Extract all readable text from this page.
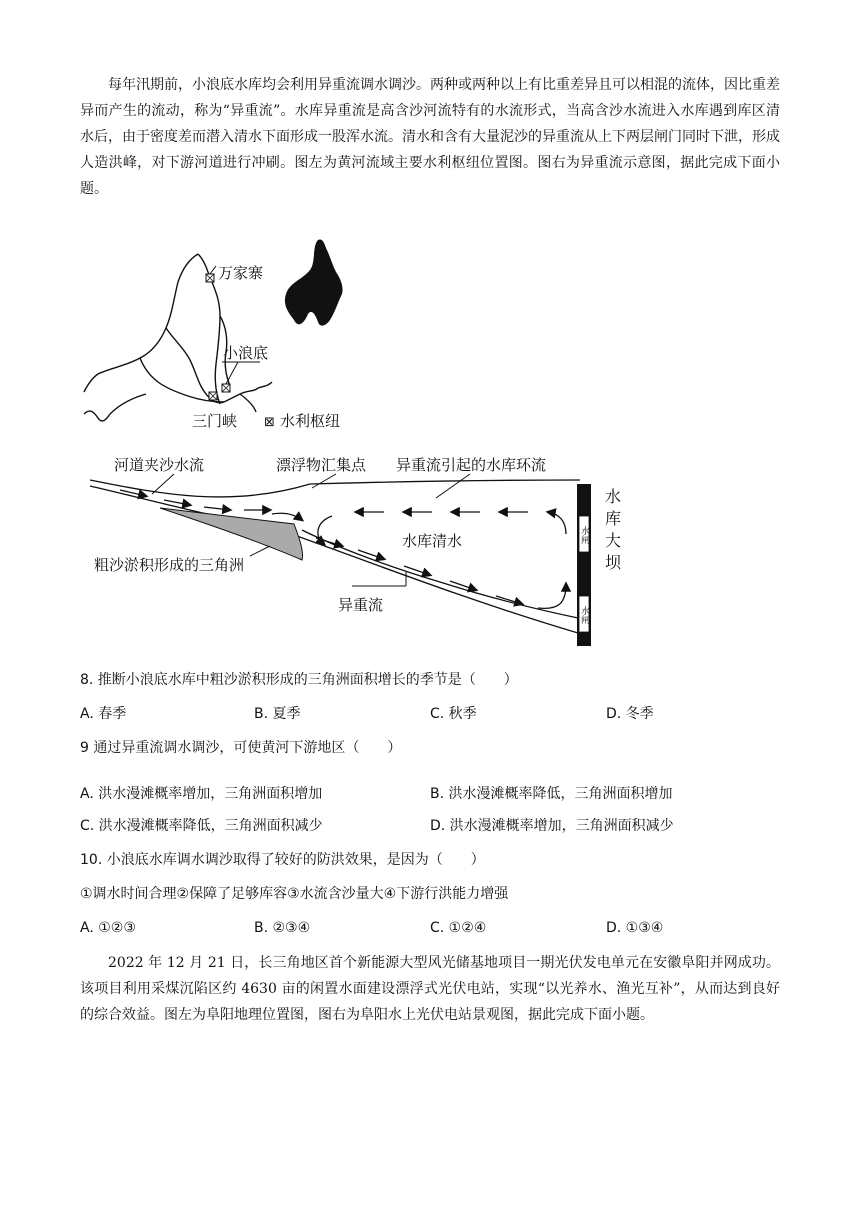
每年汛期前，小浪底水库均会利用异重流调水调沙。两种或两种以上有比重差异且可以相混的流体，因比重差异而产生的流动，称为“异重流”。水库异重流是高含沙河流特有的水流形式，当高含沙水流进入水库遇到库区清水后，由于密度差而潜入清水下面形成一股浑水流。清水和含有大量泥沙的异重流从上下两层闸门同时下泄，形成人造洪峰，对下游河道进行冲刷。图左为黄河流域主要水利枢纽位置图。图右为异重流示意图，据此完成下面小题。
万家寨
小浪底
三门峡 ⊠ 水利枢纽
水闸
水闸
水库大坝
河道夹沙水流	漂浮物汇集点 异重流引起的水库环流
粗沙淤积形成的三角洲
水库清水
异重流
8. 推断小浪底水库中粗沙淤积形成的三角洲面积增长的季节是（　　）
A. 春季	B. 夏季	C. 秋季	D. 冬季
9 通过异重流调水调沙，可使黄河下游地区（　　）
A. 洪水漫滩概率增加，三角洲面积增加	B. 洪水漫滩概率降低，三角洲面积增加
C. 洪水漫滩概率降低，三角洲面积减少	D. 洪水漫滩概率增加，三角洲面积减少
10. 小浪底水库调水调沙取得了较好的防洪效果，是因为（　　）
①调水时间合理②保障了足够库容③水流含沙量大④下游行洪能力增强
A. ①②③	B. ②③④	C. ①②④	D. ①③④
2022 年 12 月 21 日，长三角地区首个新能源大型风光储基地项目一期光伏发电单元在安徽阜阳并网成功。该项目利用采煤沉陷区约 4630 亩的闲置水面建设漂浮式光伏电站，实现“以光养水、渔光互补”，从而达到良好的综合效益。图左为阜阳地理位置图，图右为阜阳水上光伏电站景观图，据此完成下面小题。
